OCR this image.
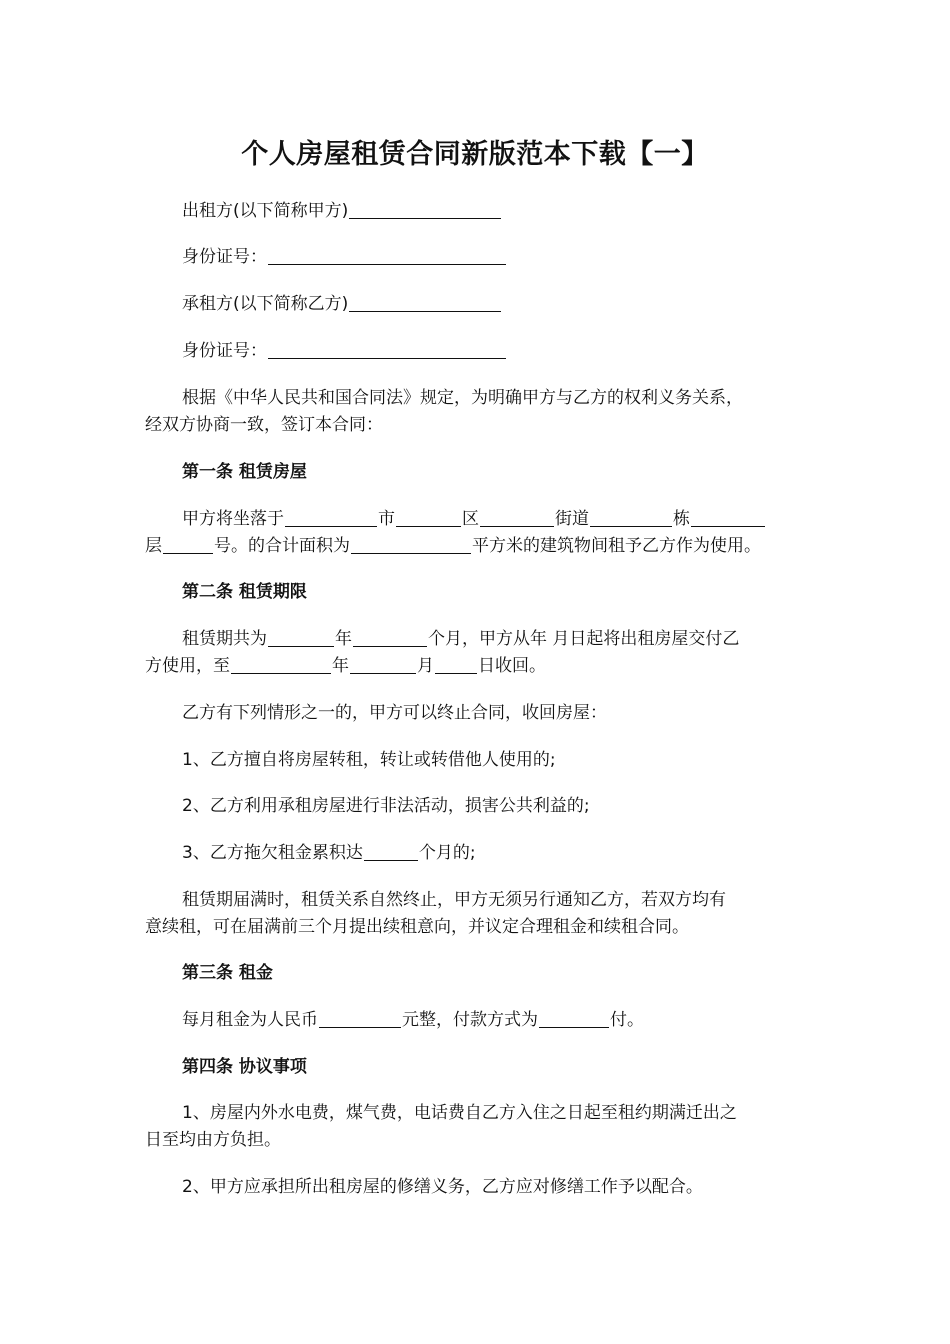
个人房屋租赁合同新版范本下载【一】
出租方(以下简称甲方)
身份证号：
承租方(以下简称乙方)
身份证号：
根据《中华人民共和国合同法》规定，为明确甲方与乙方的权利义务关系，
经双方协商一致，签订本合同：
第一条 租赁房屋
甲方将坐落于	市	区	街道	栋
层	号。的合计面积为	平方米的建筑物间租予乙方作为使用。
第二条 租赁期限
租赁期共为	年	个月，甲方从年 月日起将出租房屋交付乙
方使用，至	年	月	日收回。
乙方有下列情形之一的，甲方可以终止合同，收回房屋：
1、乙方擅自将房屋转租，转让或转借他人使用的;
2、乙方利用承租房屋进行非法活动，损害公共利益的;
3、乙方拖欠租金累积达	个月的;
租赁期届满时，租赁关系自然终止，甲方无须另行通知乙方，若双方均有
意续租，可在届满前三个月提出续租意向，并议定合理租金和续租合同。
第三条 租金
每月租金为人民币	元整，付款方式为	付。
第四条 协议事项
1、房屋内外水电费，煤气费，电话费自乙方入住之日起至租约期满迁出之
日至均由方负担。
2、甲方应承担所出租房屋的修缮义务，乙方应对修缮工作予以配合。
